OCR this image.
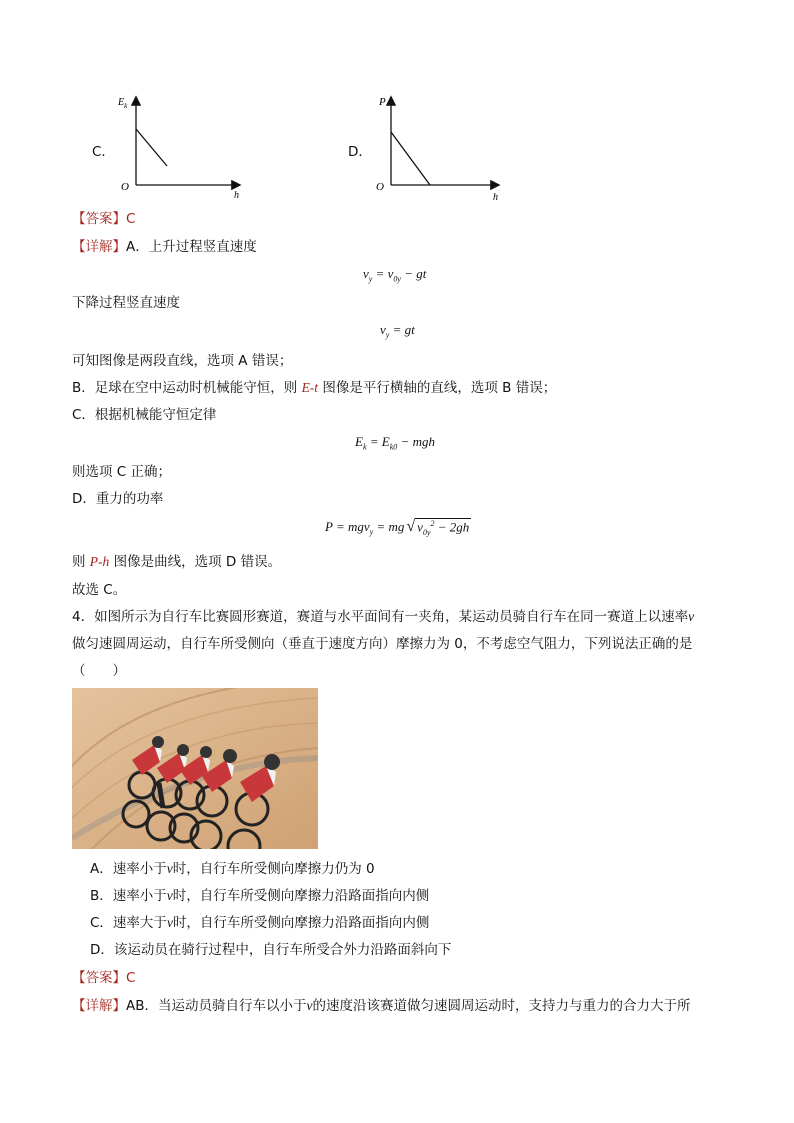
C．
$E_k$
O
h
D．
P
O
h
【答案】C
【详解】A．上升过程竖直速度
$v_y = v_{0y}$ − gt
下降过程竖直速度
$v_y$ = gt
可知图像是两段直线，选项 A 错误；
B．足球在空中运动时机械能守恒，则 E-t 图像是平行横轴的直线，选项 B 错误；
C．根据机械能守恒定律
$E_k = E_{k0}$ − mgh
则选项 C 正确；
D．重力的功率
P = mgv$_y$ = mg √ $v_{0y}^2 - 2gh$
则 P-h 图像是曲线，选项 D 错误。
故选 C。
4．如图所示为自行车比赛圆形赛道，赛道与水平面间有一夹角，某运动员骑自行车在同一赛道上以速率v
做匀速圆周运动，自行车所受侧向（垂直于速度方向）摩擦力为 0，不考虑空气阻力，下列说法正确的是
（　　）
A．速率小于v时，自行车所受侧向摩擦力仍为 0
B．速率小于v时，自行车所受侧向摩擦力沿路面指向内侧
C．速率大于v时，自行车所受侧向摩擦力沿路面指向内侧
D．该运动员在骑行过程中，自行车所受合外力沿路面斜向下
【答案】C
【详解】AB．当运动员骑自行车以小于v的速度沿该赛道做匀速圆周运动时，支持力与重力的合力大于所
